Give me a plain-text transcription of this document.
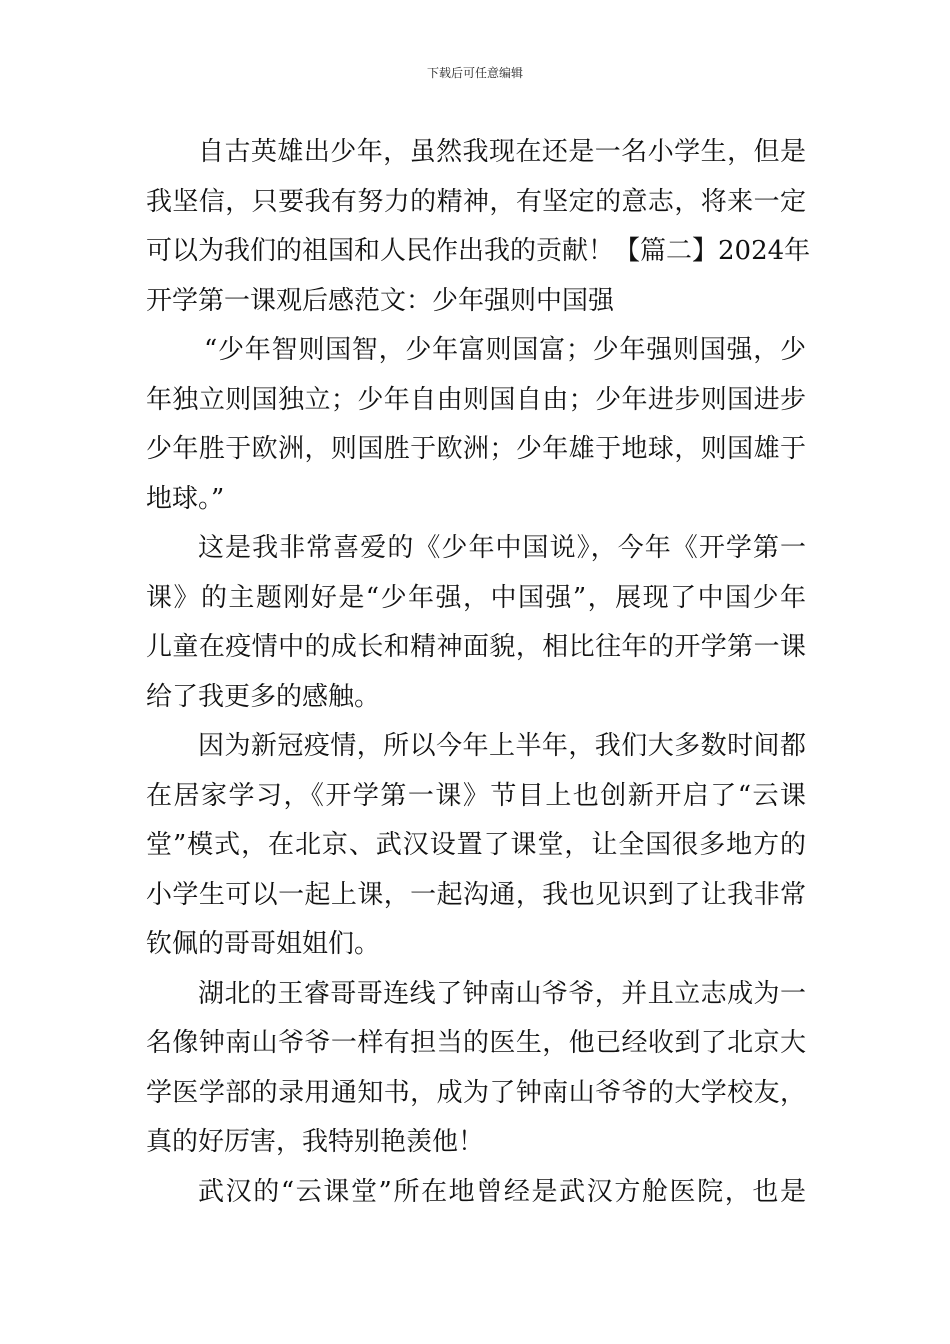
下载后可任意编辑
自古英雄出少年，虽然我现在还是一名小学生，但是
我坚信，只要我有努力的精神，有坚定的意志，将来一定
可以为我们的祖国和人民作出我的贡献！【篇二】2024年
开学第一课观后感范文：少年强则中国强
“少年智则国智，少年富则国富；少年强则国强，少
年独立则国独立；少年自由则国自由；少年进步则国进步
少年胜于欧洲，则国胜于欧洲；少年雄于地球，则国雄于
地球。”
这是我非常喜爱的《少年中国说》，今年《开学第一
课》的主题刚好是“少年强，中国强”，展现了中国少年
儿童在疫情中的成长和精神面貌，相比往年的开学第一课
给了我更多的感触。
因为新冠疫情，所以今年上半年，我们大多数时间都
在居家学习，《开学第一课》节目上也创新开启了“云课
堂”模式，在北京、武汉设置了课堂，让全国很多地方的
小学生可以一起上课，一起沟通，我也见识到了让我非常
钦佩的哥哥姐姐们。
湖北的王睿哥哥连线了钟南山爷爷，并且立志成为一
名像钟南山爷爷一样有担当的医生，他已经收到了北京大
学医学部的录用通知书，成为了钟南山爷爷的大学校友，
真的好厉害，我特别艳羡他！
武汉的“云课堂”所在地曾经是武汉方舱医院，也是
